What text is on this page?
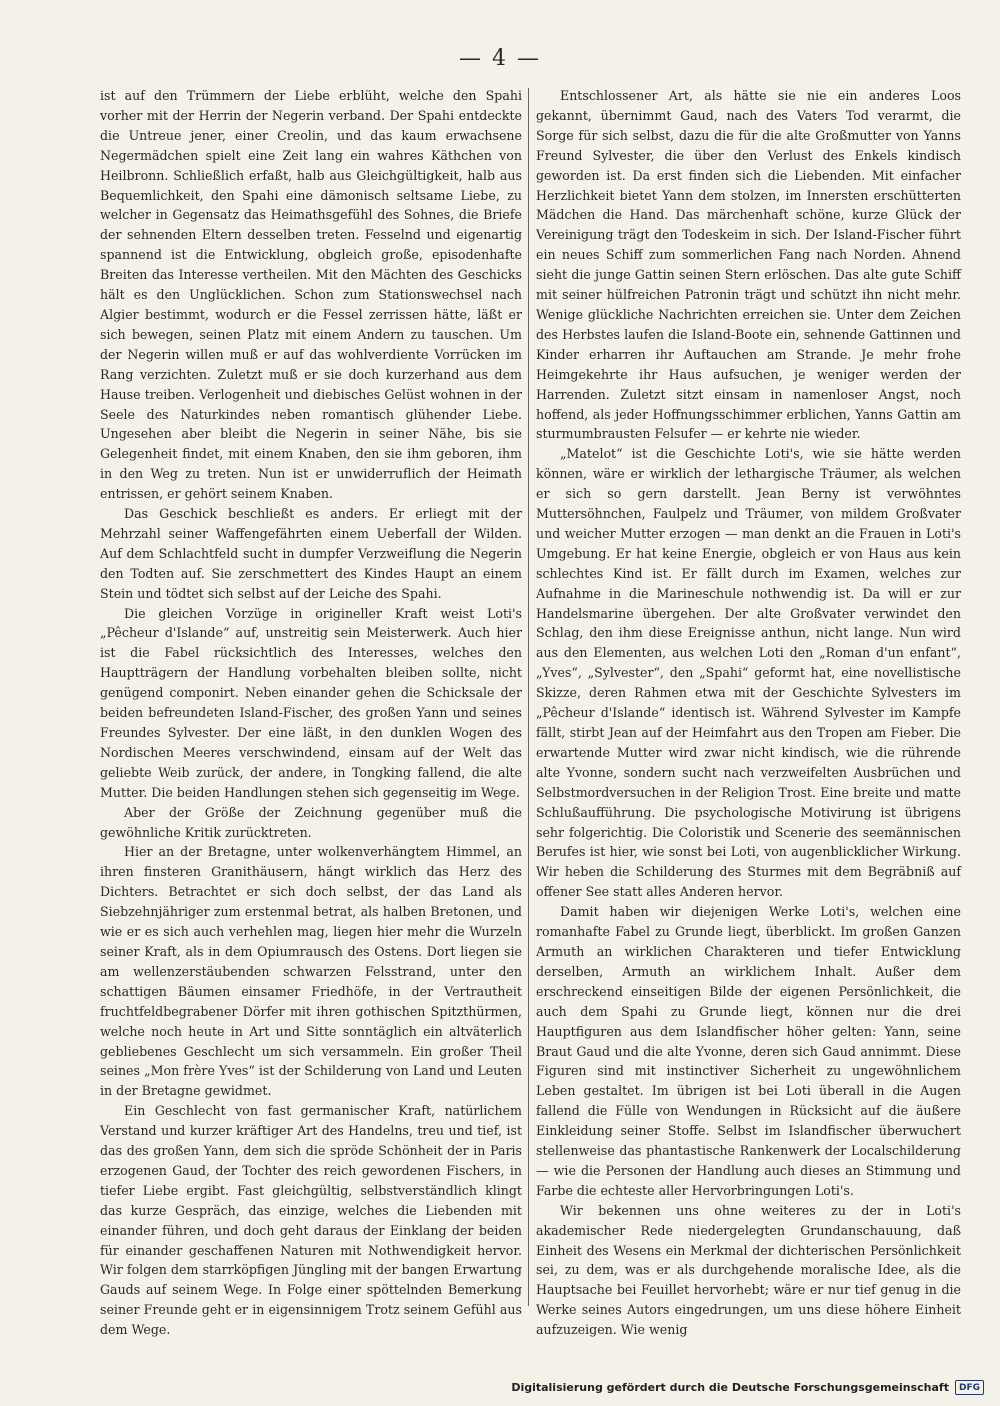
— 4 —

ist auf den Trümmern der Liebe erblüht, welche den Spahi vorher mit der Herrin der Negerin verband. Der Spahi entdeckte die Untreue jener, einer Creolin, und das kaum erwachsene Negermädchen spielt eine Zeit lang ein wahres Käthchen von Heilbronn. Schließlich erfaßt, halb aus Gleichgültigkeit, halb aus Bequemlichkeit, den Spahi eine dämonisch seltsame Liebe, zu welcher in Gegensatz das Heimathsgefühl des Sohnes, die Briefe der sehnenden Eltern desselben treten. Fesselnd und eigenartig spannend ist die Entwicklung, obgleich große, episodenhafte Breiten das Interesse vertheilen. Mit den Mächten des Geschicks hält es den Unglücklichen. Schon zum Stationswechsel nach Algier bestimmt, wodurch er die Fessel zerrissen hätte, läßt er sich bewegen, seinen Platz mit einem Andern zu tauschen. Um der Negerin willen muß er auf das wohlverdiente Vorrücken im Rang verzichten. Zuletzt muß er sie doch kurzerhand aus dem Hause treiben. Verlogenheit und diebisches Gelüst wohnen in der Seele des Naturkindes neben romantisch glühender Liebe. Ungesehen aber bleibt die Negerin in seiner Nähe, bis sie Gelegenheit findet, mit einem Knaben, den sie ihm geboren, ihm in den Weg zu treten. Nun ist er unwiderruflich der Heimath entrissen, er gehört seinem Knaben.

Das Geschick beschließt es anders. Er erliegt mit der Mehrzahl seiner Waffengefährten einem Ueberfall der Wilden. Auf dem Schlachtfeld sucht in dumpfer Verzweiflung die Negerin den Todten auf. Sie zerschmettert des Kindes Haupt an einem Stein und tödtet sich selbst auf der Leiche des Spahi.

Die gleichen Vorzüge in origineller Kraft weist Loti's „Pêcheur d'Islande“ auf, unstreitig sein Meisterwerk. Auch hier ist die Fabel rücksichtlich des Interesses, welches den Hauptträgern der Handlung vorbehalten bleiben sollte, nicht genügend componirt. Neben einander gehen die Schicksale der beiden befreundeten Island-Fischer, des großen Yann und seines Freundes Sylvester. Der eine läßt, in den dunklen Wogen des Nordischen Meeres verschwindend, einsam auf der Welt das geliebte Weib zurück, der andere, in Tongking fallend, die alte Mutter. Die beiden Handlungen stehen sich gegenseitig im Wege.

Aber der Größe der Zeichnung gegenüber muß die gewöhnliche Kritik zurücktreten.

Hier an der Bretagne, unter wolkenverhängtem Himmel, an ihren finsteren Granithäusern, hängt wirklich das Herz des Dichters. Betrachtet er sich doch selbst, der das Land als Siebzehnjähriger zum erstenmal betrat, als halben Bretonen, und wie er es sich auch verhehlen mag, liegen hier mehr die Wurzeln seiner Kraft, als in dem Opiumrausch des Ostens. Dort liegen sie am wellenzerstäubenden schwarzen Felsstrand, unter den schattigen Bäumen einsamer Friedhöfe, in der Vertrautheit fruchtfeldbegrabener Dörfer mit ihren gothischen Spitzthürmen, welche noch heute in Art und Sitte sonntäglich ein altväterlich gebliebenes Geschlecht um sich versammeln. Ein großer Theil seines „Mon frère Yves“ ist der Schilderung von Land und Leuten in der Bretagne gewidmet.

Ein Geschlecht von fast germanischer Kraft, natürlichem Verstand und kurzer kräftiger Art des Handelns, treu und tief, ist das des großen Yann, dem sich die spröde Schönheit der in Paris erzogenen Gaud, der Tochter des reich gewordenen Fischers, in tiefer Liebe ergibt. Fast gleichgültig, selbstverständlich klingt das kurze Gespräch, das einzige, welches die Liebenden mit einander führen, und doch geht daraus der Einklang der beiden für einander geschaffenen Naturen mit Nothwendigkeit hervor. Wir folgen dem starrköpfigen Jüngling mit der bangen Erwartung Gauds auf seinem Wege. In Folge einer spöttelnden Bemerkung seiner Freunde geht er in eigensinnigem Trotz seinem Gefühl aus dem Wege.

Entschlossener Art, als hätte sie nie ein anderes Loos gekannt, übernimmt Gaud, nach des Vaters Tod verarmt, die Sorge für sich selbst, dazu die für die alte Großmutter von Yanns Freund Sylvester, die über den Verlust des Enkels kindisch geworden ist. Da erst finden sich die Liebenden. Mit einfacher Herzlichkeit bietet Yann dem stolzen, im Innersten erschütterten Mädchen die Hand. Das märchenhaft schöne, kurze Glück der Vereinigung trägt den Todeskeim in sich. Der Island-Fischer führt ein neues Schiff zum sommerlichen Fang nach Norden. Ahnend sieht die junge Gattin seinen Stern erlöschen. Das alte gute Schiff mit seiner hülfreichen Patronin trägt und schützt ihn nicht mehr. Wenige glückliche Nachrichten erreichen sie. Unter dem Zeichen des Herbstes laufen die Island-Boote ein, sehnende Gattinnen und Kinder erharren ihr Auftauchen am Strande. Je mehr frohe Heimgekehrte ihr Haus aufsuchen, je weniger werden der Harrenden. Zuletzt sitzt einsam in namenloser Angst, noch hoffend, als jeder Hoffnungsschimmer erblichen, Yanns Gattin am sturmumbrausten Felsufer — er kehrte nie wieder.

„Matelot“ ist die Geschichte Loti's, wie sie hätte werden können, wäre er wirklich der lethargische Träumer, als welchen er sich so gern darstellt. Jean Berny ist verwöhntes Muttersöhnchen, Faulpelz und Träumer, von mildem Großvater und weicher Mutter erzogen — man denkt an die Frauen in Loti's Umgebung. Er hat keine Energie, obgleich er von Haus aus kein schlechtes Kind ist. Er fällt durch im Examen, welches zur Aufnahme in die Marineschule nothwendig ist. Da will er zur Handelsmarine übergehen. Der alte Großvater verwindet den Schlag, den ihm diese Ereignisse anthun, nicht lange. Nun wird aus den Elementen, aus welchen Loti den „Roman d'un enfant“, „Yves“, „Sylvester“, den „Spahi“ geformt hat, eine novellistische Skizze, deren Rahmen etwa mit der Geschichte Sylvesters im „Pêcheur d'Islande“ identisch ist. Während Sylvester im Kampfe fällt, stirbt Jean auf der Heimfahrt aus den Tropen am Fieber. Die erwartende Mutter wird zwar nicht kindisch, wie die rührende alte Yvonne, sondern sucht nach verzweifelten Ausbrüchen und Selbstmordversuchen in der Religion Trost. Eine breite und matte Schlußaufführung. Die psychologische Motivirung ist übrigens sehr folgerichtig. Die Coloristik und Scenerie des seemännischen Berufes ist hier, wie sonst bei Loti, von augenblicklicher Wirkung. Wir heben die Schilderung des Sturmes mit dem Begräbniß auf offener See statt alles Anderen hervor.

Damit haben wir diejenigen Werke Loti's, welchen eine romanhafte Fabel zu Grunde liegt, überblickt. Im großen Ganzen Armuth an wirklichen Charakteren und tiefer Entwicklung derselben, Armuth an wirklichem Inhalt. Außer dem erschreckend einseitigen Bilde der eigenen Persönlichkeit, die auch dem Spahi zu Grunde liegt, können nur die drei Hauptfiguren aus dem Islandfischer höher gelten: Yann, seine Braut Gaud und die alte Yvonne, deren sich Gaud annimmt. Diese Figuren sind mit instinctiver Sicherheit zu ungewöhnlichem Leben gestaltet. Im übrigen ist bei Loti überall in die Augen fallend die Fülle von Wendungen in Rücksicht auf die äußere Einkleidung seiner Stoffe. Selbst im Islandfischer überwuchert stellenweise das phantastische Rankenwerk der Localschilderung — wie die Personen der Handlung auch dieses an Stimmung und Farbe die echteste aller Hervorbringungen Loti's.

Wir bekennen uns ohne weiteres zu der in Loti's akademischer Rede niedergelegten Grundanschauung, daß Einheit des Wesens ein Merkmal der dichterischen Persönlichkeit sei, zu dem, was er als durchgehende moralische Idee, als die Hauptsache bei Feuillet hervorhebt; wäre er nur tief genug in die Werke seines Autors eingedrungen, um uns diese höhere Einheit aufzuzeigen. Wie wenig

Digitalisierung gefördert durch die Deutsche Forschungsgemeinschaft	DFG
